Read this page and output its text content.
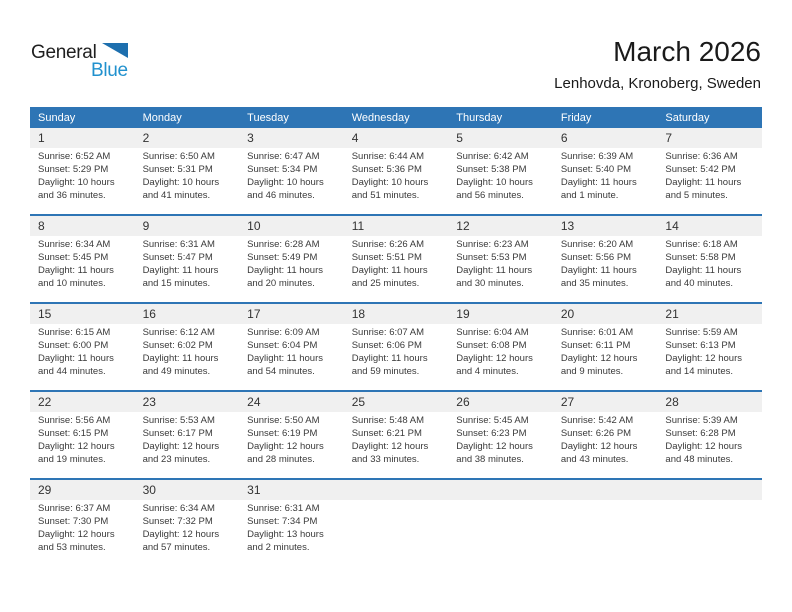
General
Blue
March 2026
Lenhovda, Kronoberg, Sweden
Sunday	Monday	Tuesday	Wednesday	Thursday	Friday	Saturday
1	2	3	4	5	6	7
Sunrise: 6:52 AM
Sunset: 5:29 PM
Daylight: 10 hours
and 36 minutes.
Sunrise: 6:50 AM
Sunset: 5:31 PM
Daylight: 10 hours
and 41 minutes.
Sunrise: 6:47 AM
Sunset: 5:34 PM
Daylight: 10 hours
and 46 minutes.
Sunrise: 6:44 AM
Sunset: 5:36 PM
Daylight: 10 hours
and 51 minutes.
Sunrise: 6:42 AM
Sunset: 5:38 PM
Daylight: 10 hours
and 56 minutes.
Sunrise: 6:39 AM
Sunset: 5:40 PM
Daylight: 11 hours
and 1 minute.
Sunrise: 6:36 AM
Sunset: 5:42 PM
Daylight: 11 hours
and 5 minutes.
8	9	10	11	12	13	14
Sunrise: 6:34 AM
Sunset: 5:45 PM
Daylight: 11 hours
and 10 minutes.
Sunrise: 6:31 AM
Sunset: 5:47 PM
Daylight: 11 hours
and 15 minutes.
Sunrise: 6:28 AM
Sunset: 5:49 PM
Daylight: 11 hours
and 20 minutes.
Sunrise: 6:26 AM
Sunset: 5:51 PM
Daylight: 11 hours
and 25 minutes.
Sunrise: 6:23 AM
Sunset: 5:53 PM
Daylight: 11 hours
and 30 minutes.
Sunrise: 6:20 AM
Sunset: 5:56 PM
Daylight: 11 hours
and 35 minutes.
Sunrise: 6:18 AM
Sunset: 5:58 PM
Daylight: 11 hours
and 40 minutes.
15	16	17	18	19	20	21
Sunrise: 6:15 AM
Sunset: 6:00 PM
Daylight: 11 hours
and 44 minutes.
Sunrise: 6:12 AM
Sunset: 6:02 PM
Daylight: 11 hours
and 49 minutes.
Sunrise: 6:09 AM
Sunset: 6:04 PM
Daylight: 11 hours
and 54 minutes.
Sunrise: 6:07 AM
Sunset: 6:06 PM
Daylight: 11 hours
and 59 minutes.
Sunrise: 6:04 AM
Sunset: 6:08 PM
Daylight: 12 hours
and 4 minutes.
Sunrise: 6:01 AM
Sunset: 6:11 PM
Daylight: 12 hours
and 9 minutes.
Sunrise: 5:59 AM
Sunset: 6:13 PM
Daylight: 12 hours
and 14 minutes.
22	23	24	25	26	27	28
Sunrise: 5:56 AM
Sunset: 6:15 PM
Daylight: 12 hours
and 19 minutes.
Sunrise: 5:53 AM
Sunset: 6:17 PM
Daylight: 12 hours
and 23 minutes.
Sunrise: 5:50 AM
Sunset: 6:19 PM
Daylight: 12 hours
and 28 minutes.
Sunrise: 5:48 AM
Sunset: 6:21 PM
Daylight: 12 hours
and 33 minutes.
Sunrise: 5:45 AM
Sunset: 6:23 PM
Daylight: 12 hours
and 38 minutes.
Sunrise: 5:42 AM
Sunset: 6:26 PM
Daylight: 12 hours
and 43 minutes.
Sunrise: 5:39 AM
Sunset: 6:28 PM
Daylight: 12 hours
and 48 minutes.
29	30	31
Sunrise: 6:37 AM
Sunset: 7:30 PM
Daylight: 12 hours
and 53 minutes.
Sunrise: 6:34 AM
Sunset: 7:32 PM
Daylight: 12 hours
and 57 minutes.
Sunrise: 6:31 AM
Sunset: 7:34 PM
Daylight: 13 hours
and 2 minutes.
